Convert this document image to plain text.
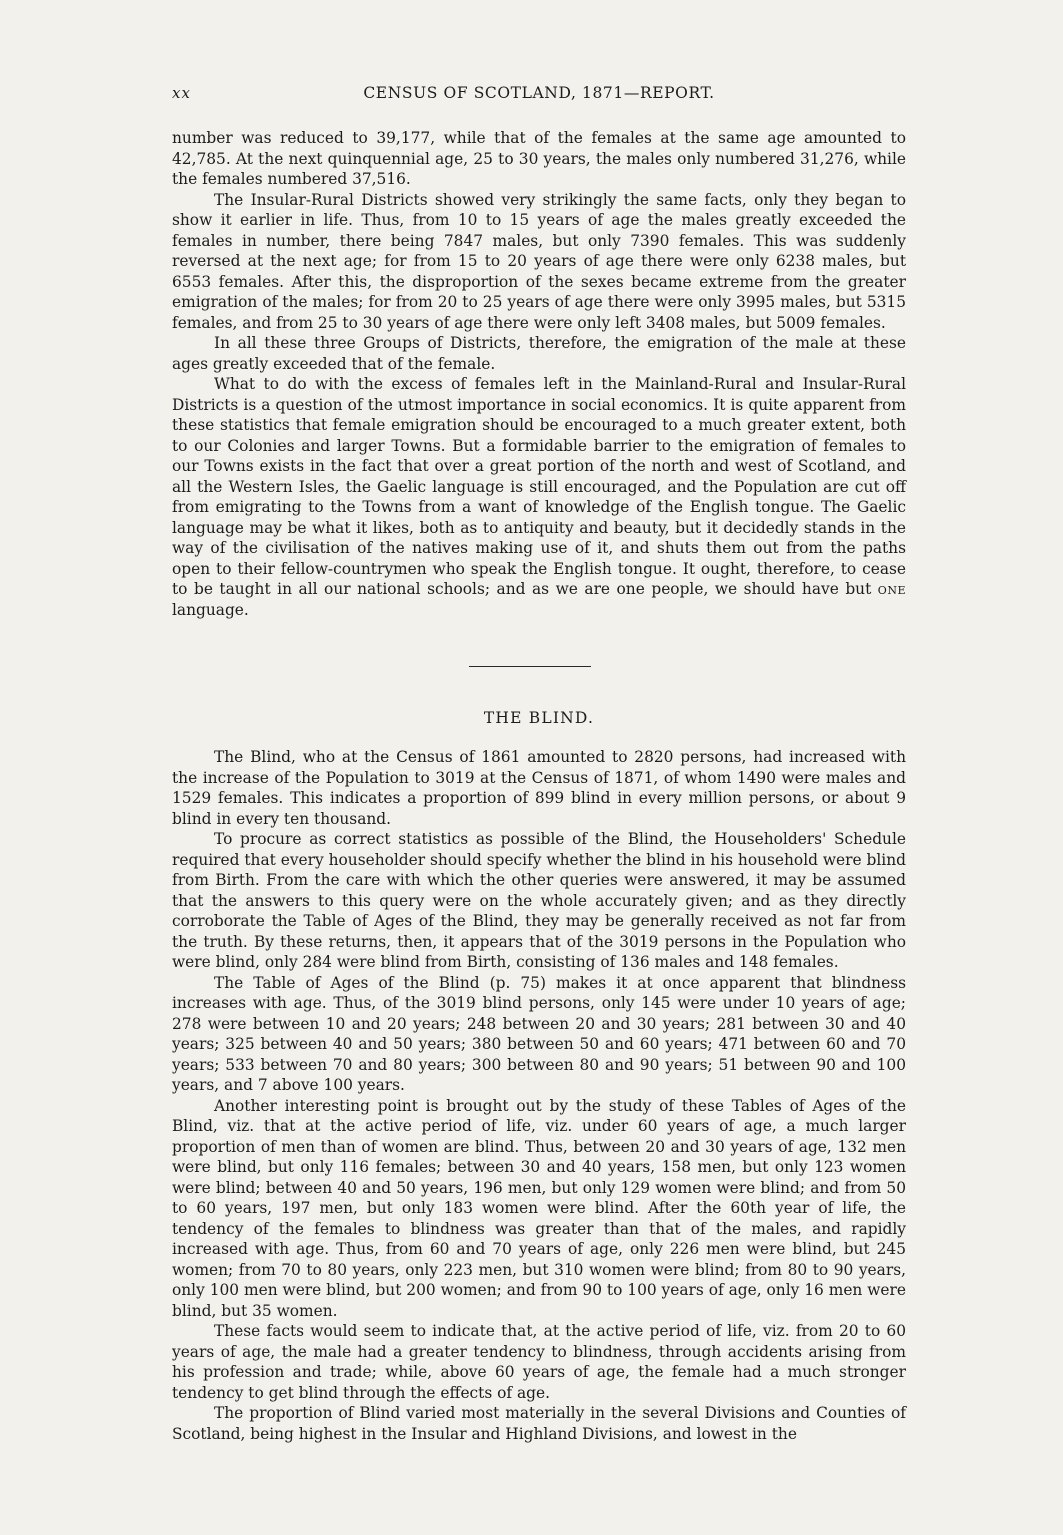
xx	CENSUS OF SCOTLAND, 1871—REPORT.

number was reduced to 39,177, while that of the females at the same age amounted to 42,785. At the next quinquennial age, 25 to 30 years, the males only numbered 31,276, while the females numbered 37,516.

The Insular-Rural Districts showed very strikingly the same facts, only they began to show it earlier in life. Thus, from 10 to 15 years of age the males greatly exceeded the females in number, there being 7847 males, but only 7390 females. This was suddenly reversed at the next age; for from 15 to 20 years of age there were only 6238 males, but 6553 females. After this, the disproportion of the sexes became extreme from the greater emigration of the males; for from 20 to 25 years of age there were only 3995 males, but 5315 females, and from 25 to 30 years of age there were only left 3408 males, but 5009 females.

In all these three Groups of Districts, therefore, the emigration of the male at these ages greatly exceeded that of the female.

What to do with the excess of females left in the Mainland-Rural and Insular-Rural Districts is a question of the utmost importance in social economics. It is quite apparent from these statistics that female emigration should be encouraged to a much greater extent, both to our Colonies and larger Towns. But a formidable barrier to the emigration of females to our Towns exists in the fact that over a great portion of the north and west of Scotland, and all the Western Isles, the Gaelic language is still encouraged, and the Population are cut off from emigrating to the Towns from a want of knowledge of the English tongue. The Gaelic language may be what it likes, both as to antiquity and beauty, but it decidedly stands in the way of the civilisation of the natives making use of it, and shuts them out from the paths open to their fellow-countrymen who speak the English tongue. It ought, therefore, to cease to be taught in all our national schools; and as we are one people, we should have but one language.

THE BLIND.

The Blind, who at the Census of 1861 amounted to 2820 persons, had increased with the increase of the Population to 3019 at the Census of 1871, of whom 1490 were males and 1529 females. This indicates a proportion of 899 blind in every million persons, or about 9 blind in every ten thousand.

To procure as correct statistics as possible of the Blind, the Householders' Schedule required that every householder should specify whether the blind in his household were blind from Birth. From the care with which the other queries were answered, it may be assumed that the answers to this query were on the whole accurately given; and as they directly corroborate the Table of Ages of the Blind, they may be generally received as not far from the truth. By these returns, then, it appears that of the 3019 persons in the Population who were blind, only 284 were blind from Birth, consisting of 136 males and 148 females.

The Table of Ages of the Blind (p. 75) makes it at once apparent that blindness increases with age. Thus, of the 3019 blind persons, only 145 were under 10 years of age; 278 were between 10 and 20 years; 248 between 20 and 30 years; 281 between 30 and 40 years; 325 between 40 and 50 years; 380 between 50 and 60 years; 471 between 60 and 70 years; 533 between 70 and 80 years; 300 between 80 and 90 years; 51 between 90 and 100 years, and 7 above 100 years.

Another interesting point is brought out by the study of these Tables of Ages of the Blind, viz. that at the active period of life, viz. under 60 years of age, a much larger proportion of men than of women are blind. Thus, between 20 and 30 years of age, 132 men were blind, but only 116 females; between 30 and 40 years, 158 men, but only 123 women were blind; between 40 and 50 years, 196 men, but only 129 women were blind; and from 50 to 60 years, 197 men, but only 183 women were blind. After the 60th year of life, the tendency of the females to blindness was greater than that of the males, and rapidly increased with age. Thus, from 60 and 70 years of age, only 226 men were blind, but 245 women; from 70 to 80 years, only 223 men, but 310 women were blind; from 80 to 90 years, only 100 men were blind, but 200 women; and from 90 to 100 years of age, only 16 men were blind, but 35 women.

These facts would seem to indicate that, at the active period of life, viz. from 20 to 60 years of age, the male had a greater tendency to blindness, through accidents arising from his profession and trade; while, above 60 years of age, the female had a much stronger tendency to get blind through the effects of age.

The proportion of Blind varied most materially in the several Divisions and Counties of Scotland, being highest in the Insular and Highland Divisions, and lowest in the
